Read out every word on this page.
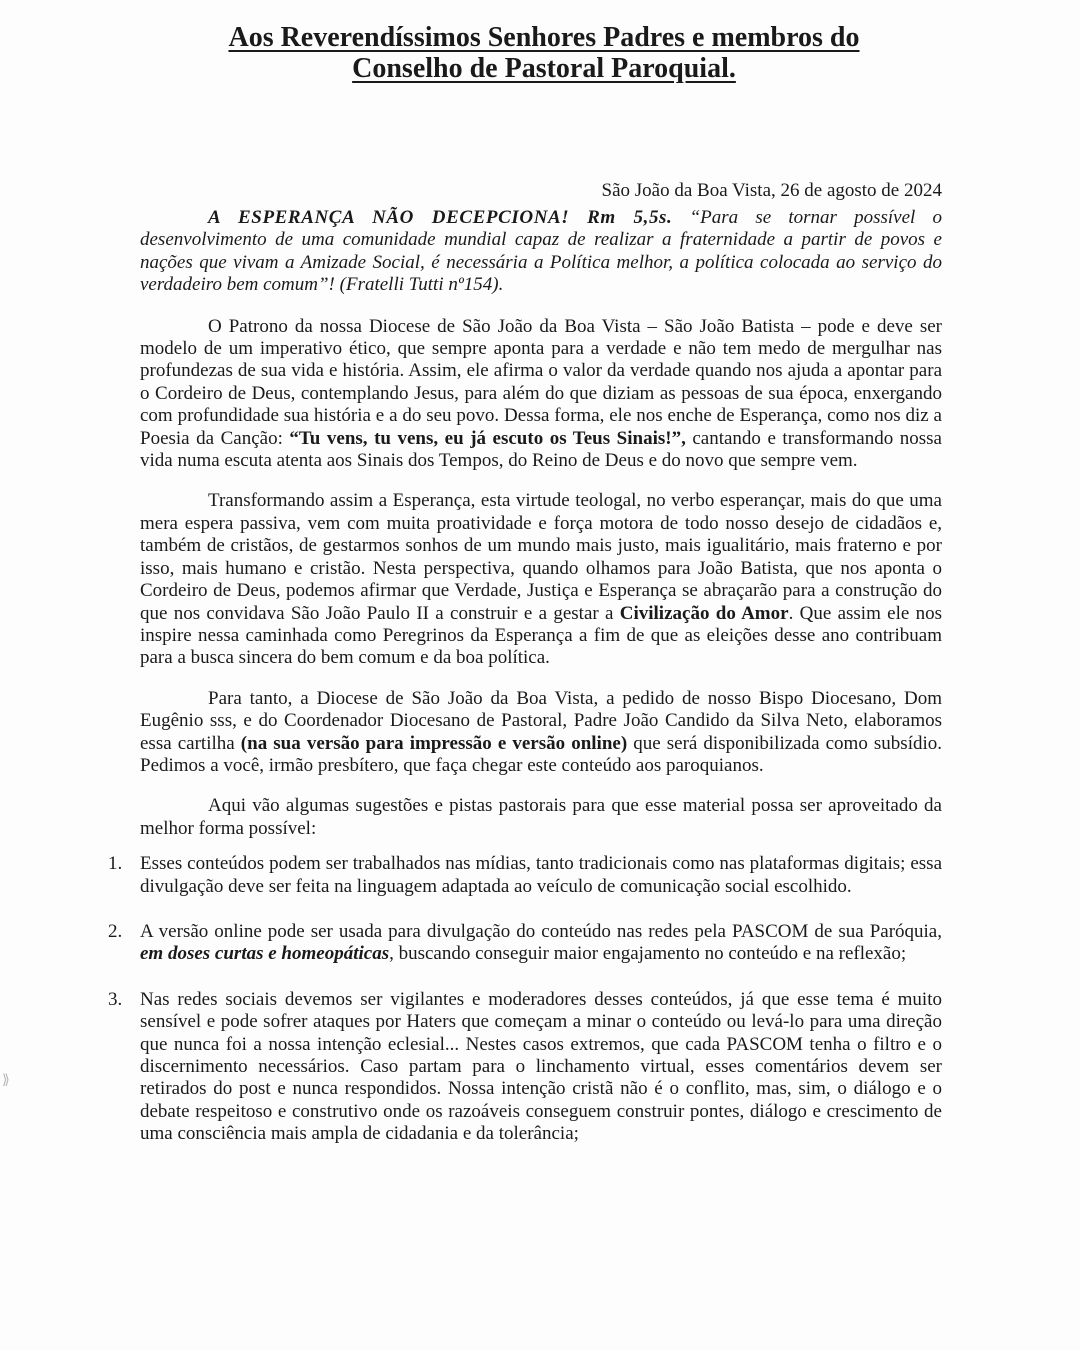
Aos Reverendíssimos Senhores Padres e membros do
Conselho de Pastoral Paroquial.
São João da Boa Vista, 26 de agosto de 2024

A ESPERANÇA NÃO DECEPCIONA! Rm 5,5s. “Para se tornar possível o desenvolvimento de uma comunidade mundial capaz de realizar a fraternidade a partir de povos e nações que vivam a Amizade Social, é necessária a Política melhor, a política colocada ao serviço do verdadeiro bem comum”! (Fratelli Tutti nº154).

O Patrono da nossa Diocese de São João da Boa Vista – São João Batista – pode e deve ser modelo de um imperativo ético, que sempre aponta para a verdade e não tem medo de mergulhar nas profundezas de sua vida e história. Assim, ele afirma o valor da verdade quando nos ajuda a apontar para o Cordeiro de Deus, contemplando Jesus, para além do que diziam as pessoas de sua época, enxergando com profundidade sua história e a do seu povo. Dessa forma, ele nos enche de Esperança, como nos diz a Poesia da Canção: “Tu vens, tu vens, eu já escuto os Teus Sinais!”, cantando e transformando nossa vida numa escuta atenta aos Sinais dos Tempos, do Reino de Deus e do novo que sempre vem.

Transformando assim a Esperança, esta virtude teologal, no verbo esperançar, mais do que uma mera espera passiva, vem com muita proatividade e força motora de todo nosso desejo de cidadãos e, também de cristãos, de gestarmos sonhos de um mundo mais justo, mais igualitário, mais fraterno e por isso, mais humano e cristão. Nesta perspectiva, quando olhamos para João Batista, que nos aponta o Cordeiro de Deus, podemos afirmar que Verdade, Justiça e Esperança se abraçarão para a construção do que nos convidava São João Paulo II a construir e a gestar a Civilização do Amor. Que assim ele nos inspire nessa caminhada como Peregrinos da Esperança a fim de que as eleições desse ano contribuam para a busca sincera do bem comum e da boa política.

Para tanto, a Diocese de São João da Boa Vista, a pedido de nosso Bispo Diocesano, Dom Eugênio sss, e do Coordenador Diocesano de Pastoral, Padre João Candido da Silva Neto, elaboramos essa cartilha (na sua versão para impressão e versão online) que será disponibilizada como subsídio. Pedimos a você, irmão presbítero, que faça chegar este conteúdo aos paroquianos.

Aqui vão algumas sugestões e pistas pastorais para que esse material possa ser aproveitado da melhor forma possível:

1. Esses conteúdos podem ser trabalhados nas mídias, tanto tradicionais como nas plataformas digitais; essa divulgação deve ser feita na linguagem adaptada ao veículo de comunicação social escolhido.
2. A versão online pode ser usada para divulgação do conteúdo nas redes pela PASCOM de sua Paróquia, em doses curtas e homeopáticas, buscando conseguir maior engajamento no conteúdo e na reflexão;
3. Nas redes sociais devemos ser vigilantes e moderadores desses conteúdos, já que esse tema é muito sensível e pode sofrer ataques por Haters que começam a minar o conteúdo ou levá-lo para uma direção que nunca foi a nossa intenção eclesial... Nestes casos extremos, que cada PASCOM tenha o filtro e o discernimento necessários. Caso partam para o linchamento virtual, esses comentários devem ser retirados do post e nunca respondidos. Nossa intenção cristã não é o conflito, mas, sim, o diálogo e o debate respeitoso e construtivo onde os razoáveis conseguem construir pontes, diálogo e crescimento de uma consciência mais ampla de cidadania e da tolerância;
⟫
